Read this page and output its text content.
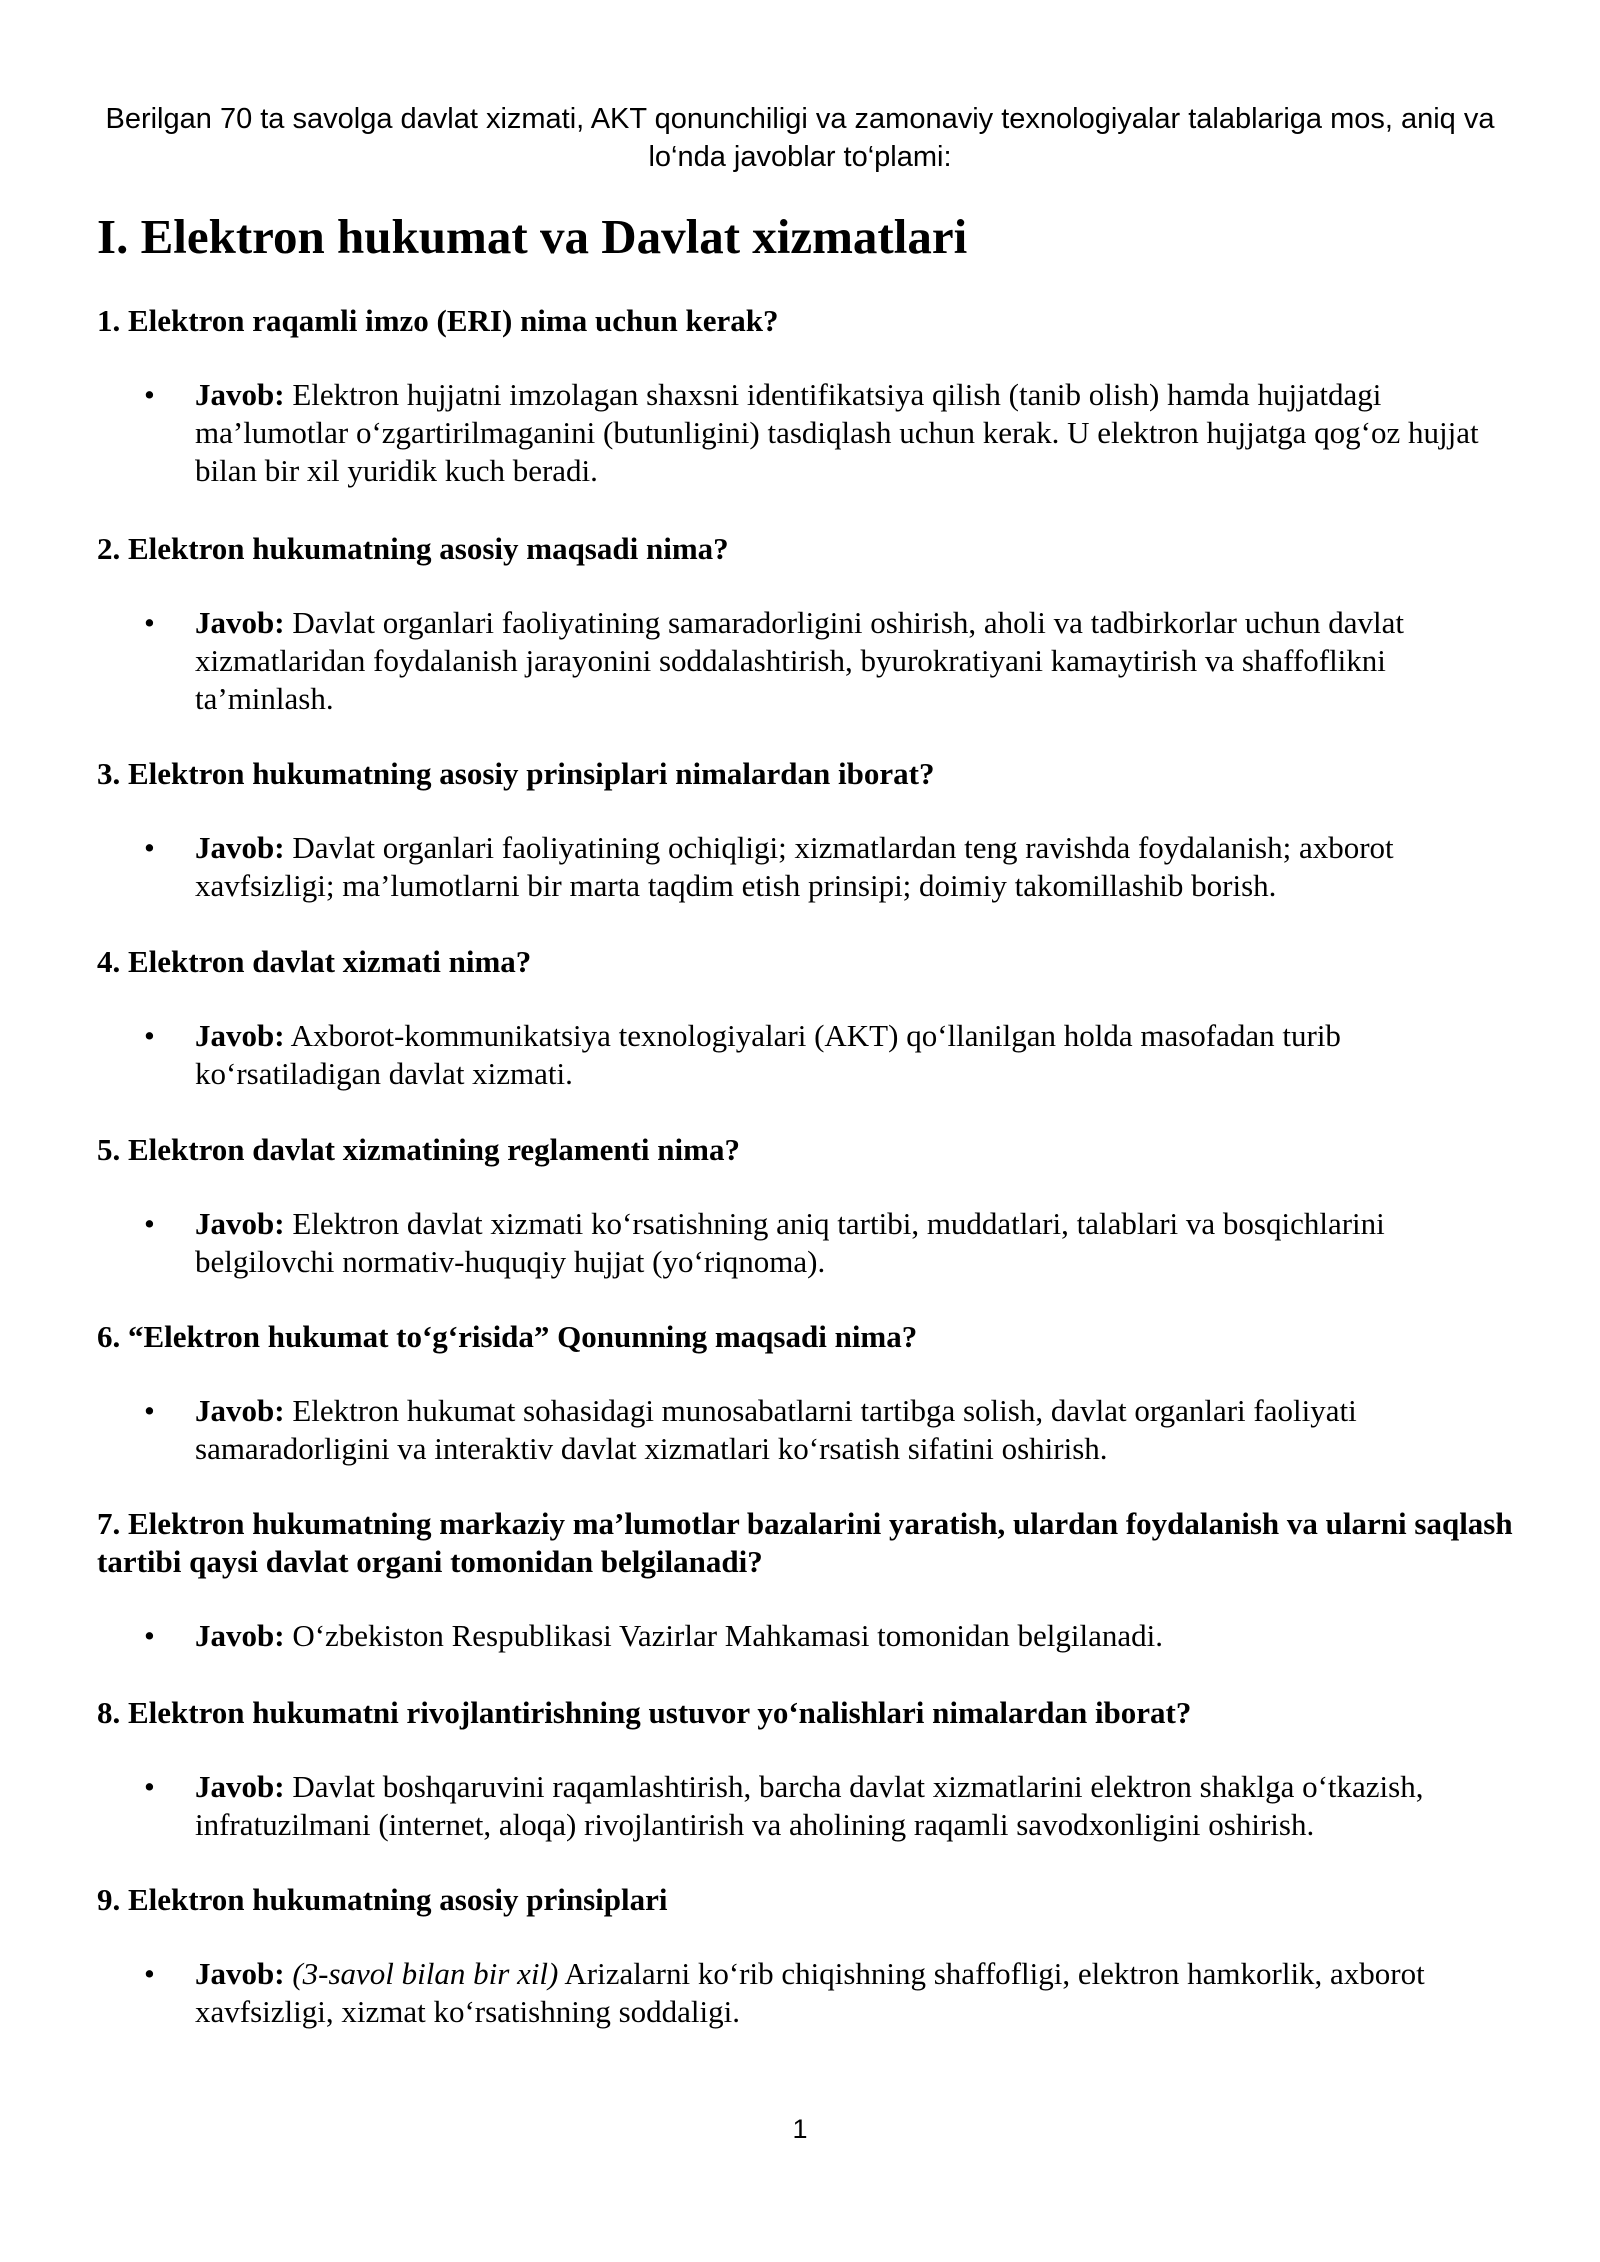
Berilgan 70 ta savolga davlat xizmati, AKT qonunchiligi va zamonaviy texnologiyalar talablariga mos, aniq va lo‘nda javoblar to‘plami:
I. Elektron hukumat va Davlat xizmatlari

1. Elektron raqamli imzo (ERI) nima uchun kerak?

• Javob: Elektron hujjatni imzolagan shaxsni identifikatsiya qilish (tanib olish) hamda hujjatdagi ma’lumotlar o‘zgartirilmaganini (butunligini) tasdiqlash uchun kerak. U elektron hujjatga qog‘oz hujjat bilan bir xil yuridik kuch beradi.

2. Elektron hukumatning asosiy maqsadi nima?

• Javob: Davlat organlari faoliyatining samaradorligini oshirish, aholi va tadbirkorlar uchun davlat xizmatlaridan foydalanish jarayonini soddalashtirish, byurokratiyani kamaytirish va shaffoflikni ta’minlash.

3. Elektron hukumatning asosiy prinsiplari nimalardan iborat?

• Javob: Davlat organlari faoliyatining ochiqligi; xizmatlardan teng ravishda foydalanish; axborot xavfsizligi; ma’lumotlarni bir marta taqdim etish prinsipi; doimiy takomillashib borish.

4. Elektron davlat xizmati nima?

• Javob: Axborot-kommunikatsiya texnologiyalari (AKT) qo‘llanilgan holda masofadan turib ko‘rsatiladigan davlat xizmati.

5. Elektron davlat xizmatining reglamenti nima?

• Javob: Elektron davlat xizmati ko‘rsatishning aniq tartibi, muddatlari, talablari va bosqichlarini belgilovchi normativ-huquqiy hujjat (yo‘riqnoma).

6. “Elektron hukumat to‘g‘risida” Qonunning maqsadi nima?

• Javob: Elektron hukumat sohasidagi munosabatlarni tartibga solish, davlat organlari faoliyati samaradorligini va interaktiv davlat xizmatlari ko‘rsatish sifatini oshirish.

7. Elektron hukumatning markaziy ma’lumotlar bazalarini yaratish, ulardan foydalanish va ularni saqlash tartibi qaysi davlat organi tomonidan belgilanadi?

• Javob: O‘zbekiston Respublikasi Vazirlar Mahkamasi tomonidan belgilanadi.

8. Elektron hukumatni rivojlantirishning ustuvor yo‘nalishlari nimalardan iborat?

• Javob: Davlat boshqaruvini raqamlashtirish, barcha davlat xizmatlarini elektron shaklga o‘tkazish, infratuzilmani (internet, aloqa) rivojlantirish va aholining raqamli savodxonligini oshirish.

9. Elektron hukumatning asosiy prinsiplari

• Javob: (3-savol bilan bir xil) Arizalarni ko‘rib chiqishning shaffofligi, elektron hamkorlik, axborot xavfsizligi, xizmat ko‘rsatishning soddaligi.

1
